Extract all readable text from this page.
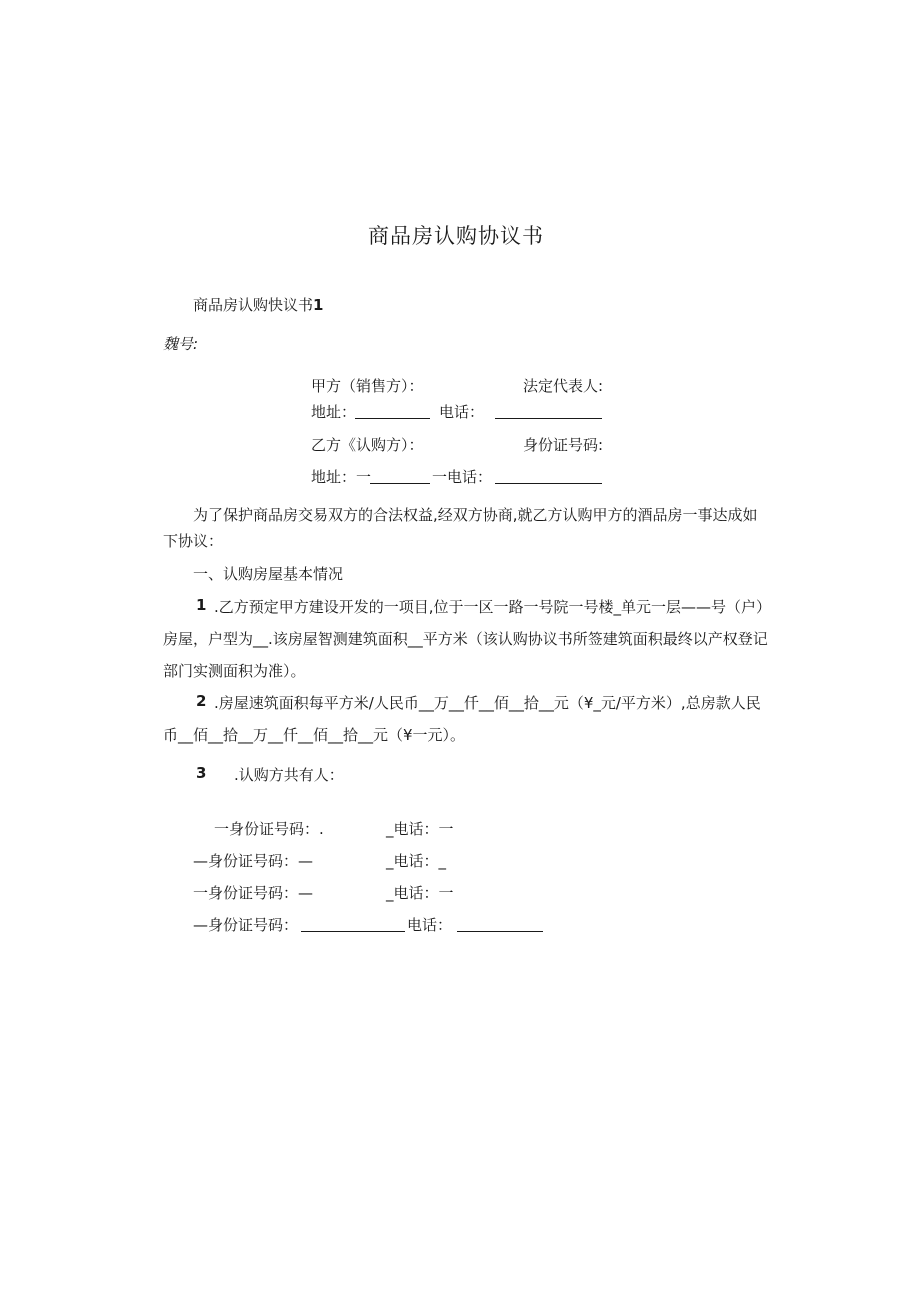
商品房认购协议书
商品房认购快议书1
魏号:
甲方（销售方）：	法定代表人:
地址：	电话：
乙方《认购方）：	身份证号码:
地址：一	一电话：
为了保护商品房交易双方的合法权益,经双方协商,就乙方认购甲方的酒品房一事达成如
下协议：
一、认购房屋基本情况
1 .乙方预定甲方建设开发的一项目,位于一区一路一号院一号楼_单元一层——号（户）
房屋，户型为__.该房屋智测建筑面积__平方米（该认购协议书所签建筑面积最终以产权登记
部门实测面积为准）。
2 .房屋速筑面积每平方米/人民币__万__仟__佰__拾__元（¥_元/平方米）,总房款人民
币__佰__拾__万__仟__佰__拾__元（¥一元）。
3 .认购方共有人：
一身份证号码：.	_电话：一
—身份证号码：—	_电话：_
一身份证号码：—	_电话：一
—身份证号码：	电话：
